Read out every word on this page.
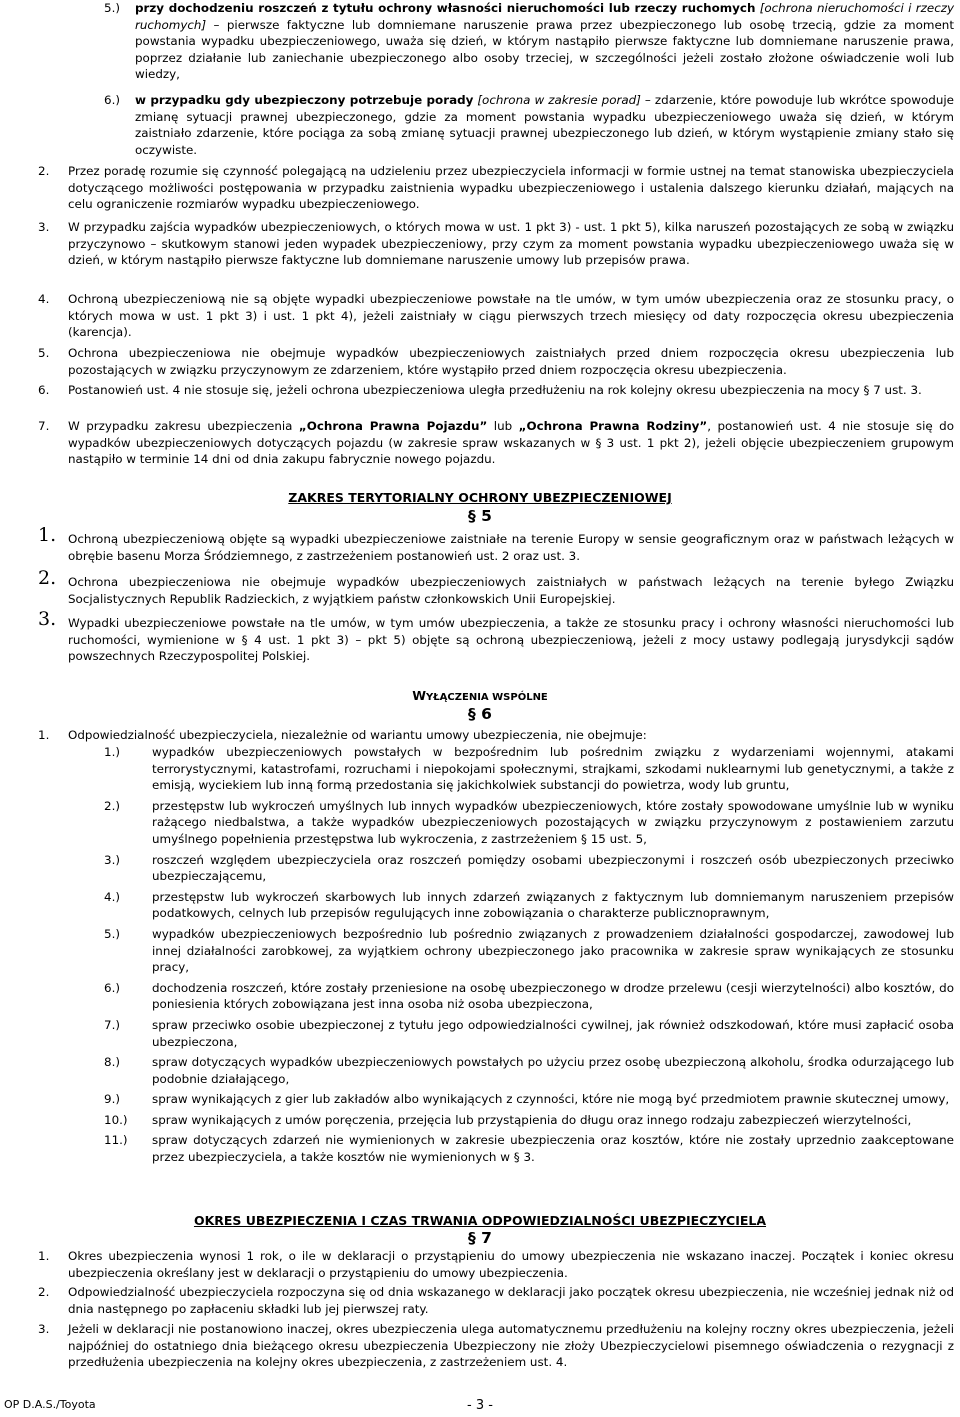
5.) przy dochodzeniu roszczeń z tytułu ochrony własności nieruchomości lub rzeczy ruchomych [ochrona nieruchomości i rzeczy ruchomych] – pierwsze faktyczne lub domniemane naruszenie prawa przez ubezpieczonego lub osobę trzecią, gdzie za moment powstania wypadku ubezpieczeniowego, uważa się dzień, w którym nastąpiło pierwsze faktyczne lub domniemane naruszenie prawa, poprzez działanie lub zaniechanie ubezpieczonego albo osoby trzeciej, w szczególności jeżeli zostało złożone oświadczenie woli lub wiedzy,
6.) w przypadku gdy ubezpieczony potrzebuje porady [ochrona w zakresie porad] – zdarzenie, które powoduje lub wkrótce spowoduje zmianę sytuacji prawnej ubezpieczonego, gdzie za moment powstania wypadku ubezpieczeniowego uważa się dzień, w którym zaistniało zdarzenie, które pociąga za sobą zmianę sytuacji prawnej ubezpieczonego lub dzień, w którym wystąpienie zmiany stało się oczywiste.
2. Przez poradę rozumie się czynność polegającą na udzieleniu przez ubezpieczyciela informacji w formie ustnej na temat stanowiska ubezpieczyciela dotyczącego możliwości postępowania w przypadku zaistnienia wypadku ubezpieczeniowego i ustalenia dalszego kierunku działań, mających na celu ograniczenie rozmiarów wypadku ubezpieczeniowego.
3. W przypadku zajścia wypadków ubezpieczeniowych, o których mowa w ust. 1 pkt 3) - ust. 1 pkt 5), kilka naruszeń pozostających ze sobą w związku przyczynowo – skutkowym stanowi jeden wypadek ubezpieczeniowy, przy czym za moment powstania wypadku ubezpieczeniowego uważa się w dzień, w którym nastąpiło pierwsze faktyczne lub domniemane naruszenie umowy lub przepisów prawa.
4. Ochroną ubezpieczeniową nie są objęte wypadki ubezpieczeniowe powstałe na tle umów, w tym umów ubezpieczenia oraz ze stosunku pracy, o których mowa w ust. 1 pkt 3) i ust. 1 pkt 4), jeżeli zaistniały w ciągu pierwszych trzech miesięcy od daty rozpoczęcia okresu ubezpieczenia (karencja).
5. Ochrona ubezpieczeniowa nie obejmuje wypadków ubezpieczeniowych zaistniałych przed dniem rozpoczęcia okresu ubezpieczenia lub pozostających w związku przyczynowym ze zdarzeniem, które wystąpiło przed dniem rozpoczęcia okresu ubezpieczenia.
6. Postanowień ust. 4 nie stosuje się, jeżeli ochrona ubezpieczeniowa uległa przedłużeniu na rok kolejny okresu ubezpieczenia na mocy § 7 ust. 3.
7. W przypadku zakresu ubezpieczenia „Ochrona Prawna Pojazdu” lub „Ochrona Prawna Rodziny”, postanowień ust. 4 nie stosuje się do wypadków ubezpieczeniowych dotyczących pojazdu (w zakresie spraw wskazanych w § 3 ust. 1 pkt 2), jeżeli objęcie ubezpieczeniem grupowym nastąpiło w terminie 14 dni od dnia zakupu fabrycznie nowego pojazdu.
ZAKRES TERYTORIALNY OCHRONY UBEZPIECZENIOWEJ
§ 5
1. Ochroną ubezpieczeniową objęte są wypadki ubezpieczeniowe zaistniałe na terenie Europy w sensie geograficznym oraz w państwach leżących w obrębie basenu Morza Śródziemnego, z zastrzeżeniem postanowień ust. 2 oraz ust. 3.
2. Ochrona ubezpieczeniowa nie obejmuje wypadków ubezpieczeniowych zaistniałych w państwach leżących na terenie byłego Związku Socjalistycznych Republik Radzieckich, z wyjątkiem państw członkowskich Unii Europejskiej.
3. Wypadki ubezpieczeniowe powstałe na tle umów, w tym umów ubezpieczenia, a także ze stosunku pracy i ochrony własności nieruchomości lub ruchomości, wymienione w § 4 ust. 1 pkt 3) – pkt 5) objęte są ochroną ubezpieczeniową, jeżeli z mocy ustawy podlegają jurysdykcji sądów powszechnych Rzeczypospolitej Polskiej.
WYŁĄCZENIA WSPÓLNE
§ 6
1. Odpowiedzialność ubezpieczyciela, niezależnie od wariantu umowy ubezpieczenia, nie obejmuje:
1.)	wypadków ubezpieczeniowych powstałych w bezpośrednim lub pośrednim związku z wydarzeniami wojennymi, atakami terrorystycznymi, katastrofami, rozruchami i niepokojami społecznymi, strajkami, szkodami nuklearnymi lub genetycznymi, a także z emisją, wyciekiem lub inną formą przedostania się jakichkolwiek substancji do powietrza, wody lub gruntu,
2.)	przestępstw lub wykroczeń umyślnych lub innych wypadków ubezpieczeniowych, które zostały spowodowane umyślnie lub w wyniku rażącego niedbalstwa, a także wypadków ubezpieczeniowych pozostających w związku przyczynowym z postawieniem zarzutu umyślnego popełnienia przestępstwa lub wykroczenia, z zastrzeżeniem § 15 ust. 5,
3.)	roszczeń względem ubezpieczyciela oraz roszczeń pomiędzy osobami ubezpieczonymi i roszczeń osób ubezpieczonych przeciwko ubezpieczającemu,
4.)	przestępstw lub wykroczeń skarbowych lub innych zdarzeń związanych z faktycznym lub domniemanym naruszeniem przepisów podatkowych, celnych lub przepisów regulujących inne zobowiązania o charakterze publicznoprawnym,
5.)	wypadków ubezpieczeniowych bezpośrednio lub pośrednio związanych z prowadzeniem działalności gospodarczej, zawodowej lub innej działalności zarobkowej, za wyjątkiem ochrony ubezpieczonego jako pracownika w zakresie spraw wynikających ze stosunku pracy,
6.)	dochodzenia roszczeń, które zostały przeniesione na osobę ubezpieczonego w drodze przelewu (cesji wierzytelności) albo kosztów, do poniesienia których zobowiązana jest inna osoba niż osoba ubezpieczona,
7.)	spraw przeciwko osobie ubezpieczonej z tytułu jego odpowiedzialności cywilnej, jak również odszkodowań, które musi zapłacić osoba ubezpieczona,
8.)	spraw dotyczących wypadków ubezpieczeniowych powstałych po użyciu przez osobę ubezpieczoną alkoholu, środka odurzającego lub podobnie działającego,
9.)	spraw wynikających z gier lub zakładów albo wynikających z czynności, które nie mogą być przedmiotem prawnie skutecznej umowy,
10.) spraw wynikających z umów poręczenia, przejęcia lub przystąpienia do długu oraz innego rodzaju zabezpieczeń wierzytelności,
11.) spraw dotyczących zdarzeń nie wymienionych w zakresie ubezpieczenia oraz kosztów, które nie zostały uprzednio zaakceptowane przez ubezpieczyciela, a także kosztów nie wymienionych w § 3.
OKRES UBEZPIECZENIA I CZAS TRWANIA ODPOWIEDZIALNOŚCI UBEZPIECZYCIELA
§ 7
1. Okres ubezpieczenia wynosi 1 rok, o ile w deklaracji o przystąpieniu do umowy ubezpieczenia nie wskazano inaczej. Początek i koniec okresu ubezpieczenia określany jest w deklaracji o przystąpieniu do umowy ubezpieczenia.
2. Odpowiedzialność ubezpieczyciela rozpoczyna się od dnia wskazanego w deklaracji jako początek okresu ubezpieczenia, nie wcześniej jednak niż od dnia następnego po zapłaceniu składki lub jej pierwszej raty.
3. Jeżeli w deklaracji nie postanowiono inaczej, okres ubezpieczenia ulega automatycznemu przedłużeniu na kolejny roczny okres ubezpieczenia, jeżeli najpóźniej do ostatniego dnia bieżącego okresu ubezpieczenia Ubezpieczony nie złoży Ubezpieczycielowi pisemnego oświadczenia o rezygnacji z przedłużenia ubezpieczenia na kolejny okres ubezpieczenia, z zastrzeżeniem ust. 4.
OP D.A.S./Toyota	- 3 -
